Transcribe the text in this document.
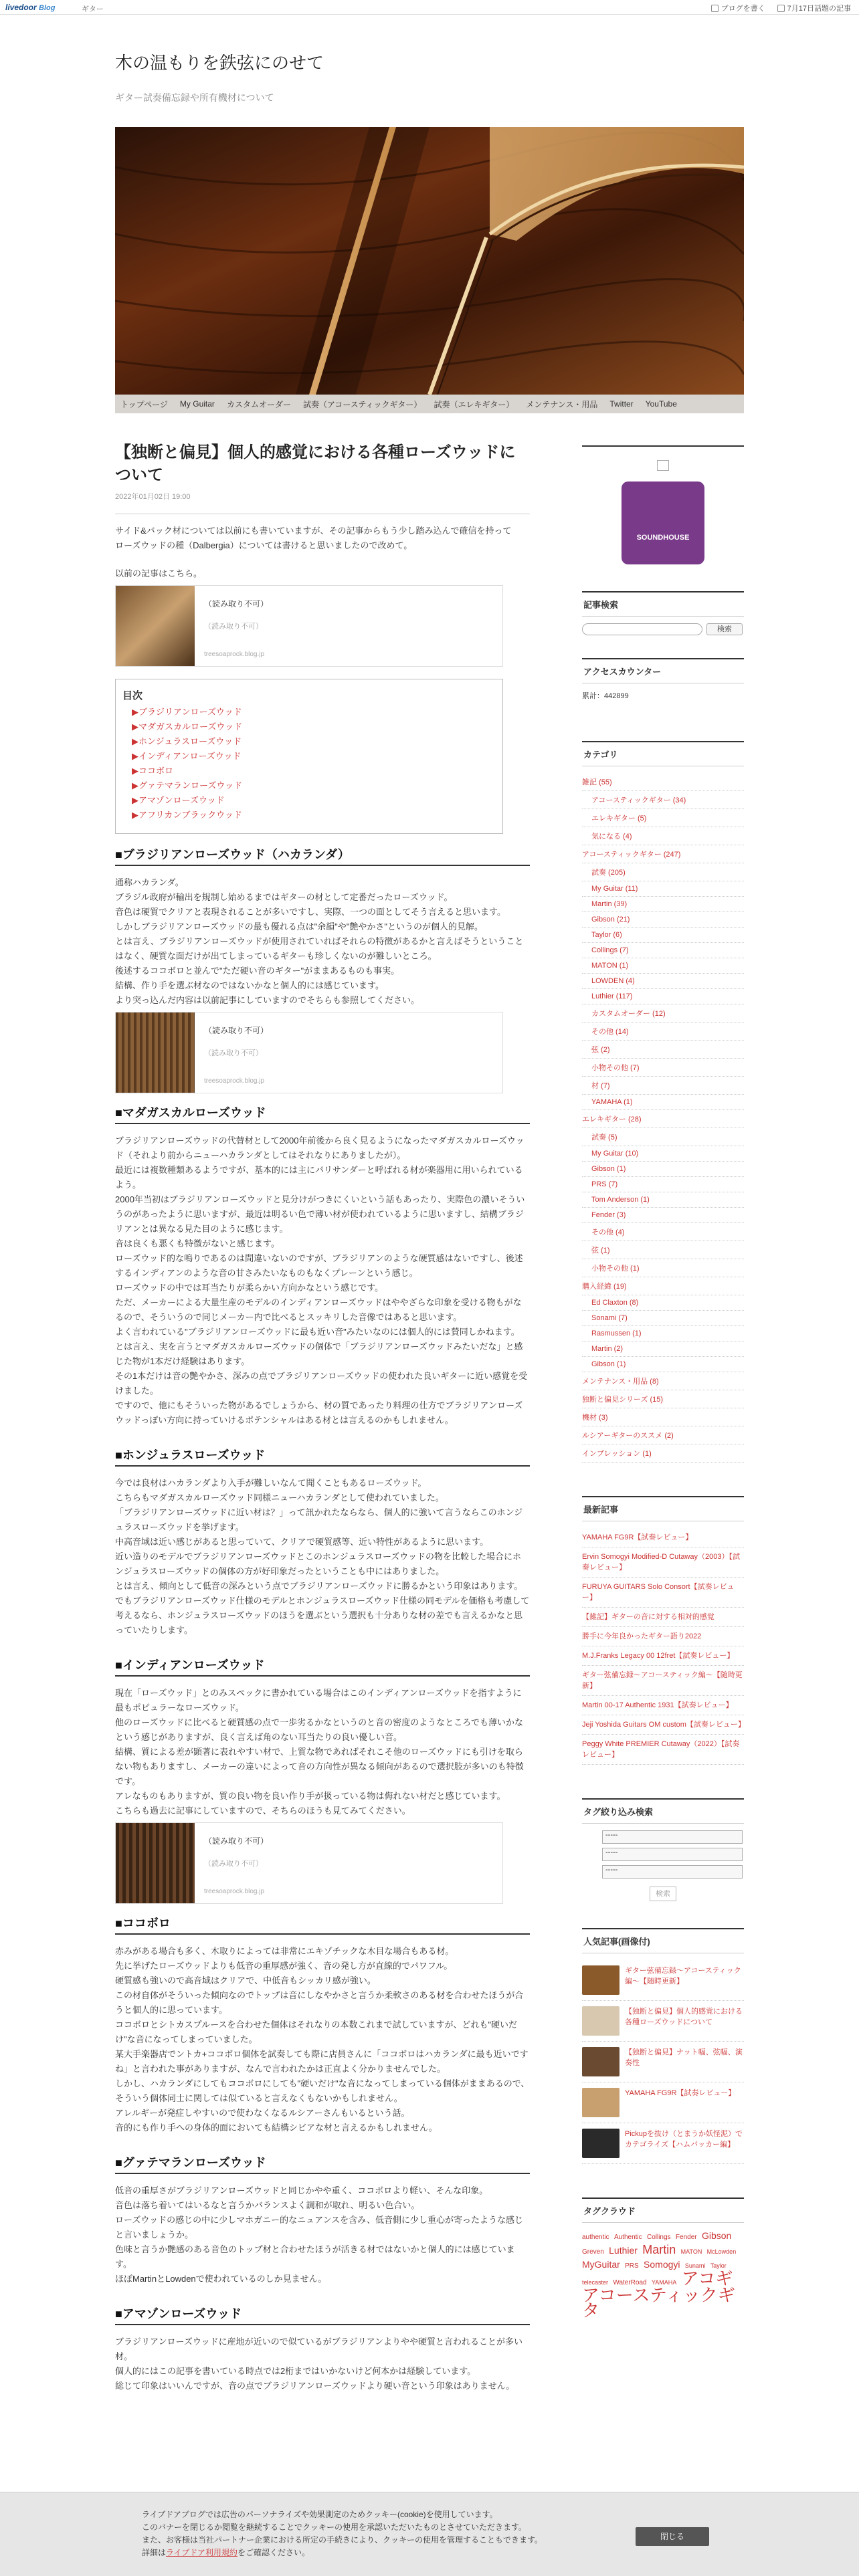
livedoor Blog	ギター	ブログを書く	7月17日話題の記事
木の温もりを鉄弦にのせて
ギター試奏備忘録や所有機材について
トップページ My Guitar カスタムオーダー 試奏（アコースティックギター） 試奏（エレキギター） メンテナンス・用品 Twitter YouTube
【独断と偏見】個人的感覚における各種ローズウッドについて
2022年01月02日 19:00
サイド&バック材については以前にも書いていますが、その記事からもう少し踏み込んで確信を持って
ローズウッドの種（Dalbergia）については書けると思いましたので改めて。
以前の記事はこちら。
（読み取り不可）
（読み取り不可）
treesoaprock.blog.jp
目次
▶ブラジリアンローズウッド
▶マダガスカルローズウッド
▶ホンジュラスローズウッド
▶インディアンローズウッド
▶ココボロ
▶グァテマランローズウッド
▶アマゾンローズウッド
▶アフリカンブラックウッド
■ブラジリアンローズウッド（ハカランダ）
通称ハカランダ。
ブラジル政府が輸出を規制し始めるまではギターの材として定番だったローズウッド。
音色は硬質でクリアと表現されることが多いですし、実際、一つの面としてそう言えると思います。
しかしブラジリアンローズウッドの最も優れる点は"余韻"や"艶やかさ"というのが個人的見解。
とは言え、ブラジリアンローズウッドが使用されていればそれらの特徴があるかと言えばそうということはなく、硬質な面だけが出てしまっているギターも珍しくないのが難しいところ。
後述するココボロと並んで"ただ硬い音のギター"がままあるものも事実。
結構、作り手を選ぶ材なのではないかなと個人的には感じています。
より突っ込んだ内容は以前記事にしていますのでそちらも参照してください。
（読み取り不可）
（読み取り不可）
treesoaprock.blog.jp
■マダガスカルローズウッド
ブラジリアンローズウッドの代替材として2000年前後から良く見るようになったマダガスカルローズウッド（それより前からニューハカランダとしてはそれなりにありましたが）。
最近には複数種類あるようですが、基本的には主にパリサンダーと呼ばれる材が楽器用に用いられているよう。
2000年当初はブラジリアンローズウッドと見分けがつきにくいという話もあったり、実際色の濃いそういうのがあったように思いますが、最近は明るい色で薄い材が使われているように思いますし、結構ブラジリアンとは異なる見た目のように感じます。
音は良くも悪くも特徴がないと感じます。
ローズウッド的な鳴りであるのは間違いないのですが、ブラジリアンのような硬質感はないですし、後述するインディアンのような音の甘さみたいなものもなくプレーンという感じ。
ローズウッドの中では耳当たりが柔らかい方向かなという感じです。
ただ、メーカーによる大量生産のモデルのインディアンローズウッドはややざらな印象を受ける物もがなるので、そういうので同じメーカー内で比べるとスッキリした音像ではあると思います。
よく言われている"ブラジリアンローズウッドに最も近い音"みたいなのには個人的には賛同しかねます。
とは言え、実を言うとマダガスカルローズウッドの個体で「ブラジリアンローズウッドみたいだな」と感じた物が1本だけ経験はあります。
その1本だけは音の艶やかさ、深みの点でブラジリアンローズウッドの使われた良いギターに近い感覚を受けました。
ですので、他にもそういった物があるでしょうから、材の質であったり料理の仕方でブラジリアンローズウッドっぽい方向に持っていけるポテンシャルはある材とは言えるのかもしれません。
■ホンジュラスローズウッド
今では良材はハカランダより入手が難しいなんて聞くこともあるローズウッド。
こちらもマダガスカルローズウッド同様ニューハカランダとして使われていました。
「ブラジリアンローズウッドに近い材は？」って訊かれたならなら、個人的に強いて言うならこのホンジュラスローズウッドを挙げます。
中高音域は近い感じがあると思っていて、クリアで硬質感等、近い特性があるように思います。
近い造りのモデルでブラジリアンローズウッドとこのホンジュラスローズウッドの物を比較した場合にホンジュラスローズウッドの個体の方が好印象だったということも中にはありました。
とは言え、傾向として低音の深みという点でブラジリアンローズウッドに勝るかという印象はあります。
でもブラジリアンローズウッド仕様のモデルとホンジュラスローズウッド仕様の同モデルを価格も考慮して考えるなら、ホンジュラスローズウッドのほうを選ぶという選択も十分ありな材の差でも言えるかなと思っていたりします。
■インディアンローズウッド
現在「ローズウッド」とのみスペックに書かれている場合はこのインディアンローズウッドを指すように最もポピュラーなローズウッド。
他のローズウッドに比べると硬質感の点で一歩劣るかなというのと音の密度のようなところでも薄いかなという感じがありますが、良く言えば角のない耳当たりの良い優しい音。
結構、質による差が顕著に表れやすい材で、上質な物であればそれこそ他のローズウッドにも引けを取らない物もありますし、メーカーの違いによって音の方向性が異なる傾向があるので選択肢が多いのも特徴です。
アレなものもありますが、質の良い物を良い作り手が扱っている物は侮れない材だと感じています。
こちらも過去に記事にしていますので、そちらのほうも見てみてください。
（読み取り不可）
（読み取り不可）
treesoaprock.blog.jp
■ココボロ
赤みがある場合も多く、木取りによっては非常にエキゾチックな木目な場合もある材。
先に挙げたローズウッドよりも低音の重厚感が強く、音の発し方が直線的でパワフル。
硬質感も強いので高音域はクリアで、中低音もシッカリ感が強い。
この材自体がそういった傾向なのでトップは音にしなやかさと言うか柔軟さのある材を合わせたほうが合うと個人的に思っています。
ココボロとシトカスプルースを合わせた個体はそれなりの本数これまで試していますが、どれも"硬いだけ"な音になってしまっていました。
某大手楽器店でントカ+ココボロ個体を試奏しても際に店員さんに「ココボロはハカランダに最も近いですね」と言われた事がありますが、なんで言われたかは正直よく分かりませんでした。
しかし、ハカランダにしてもココボロにしても"硬いだけ"な音になってしまっている個体がままあるので、そういう個体同士に関しては似ていると言えなくもないかもしれません。
アレルギーが発症しやすいので使わなくなるルシアーさんもいるという話。
音的にも作り手への身体的面においても結構シビアな材と言えるかもしれません。
■グァテマランローズウッド
低音の重厚さがブラジリアンローズウッドと同じかやや重く、ココボロより軽い、そんな印象。
音色は落ち着いてはいるなと言うかバランスよく調和が取れ、明るい色合い。
ローズウッドの感じの中に少しマホガニー的なニュアンスを含み、低音側に少し重心が寄ったような感じと言いましょうか。
色味と言うか艶感のある音色のトップ材と合わせたほうが活きる材ではないかと個人的には感じています。
ほぼMartinとLowdenで使われているのしか見ません。
■アマゾンローズウッド
ブラジリアンローズウッドに産地が近いので似ているがブラジリアンよりやや硬質と言われることが多い材。
個人的にはこの記事を書いている時点では2桁まではいかないけど何本かは経験しています。
総じて印象はいいんですが、音の点でブラジリアンローズウッドより硬い音という印象はありません。
SOUNDHOUSE
記事検索
検索
アクセスカウンター
累計：442899
カテゴリ
雑記 (55)
アコースティックギター (34)
エレキギター (5)
気になる (4)
アコースティックギター (247)
試奏 (205)
My Guitar (11)
Martin (39)
Gibson (21)
Taylor (6)
Collings (7)
MATON (1)
LOWDEN (4)
Luthier (117)
カスタムオーダー (12)
その他 (14)
弦 (2)
小物その他 (7)
材 (7)
YAMAHA (1)
エレキギター (28)
試奏 (5)
My Guitar (10)
Gibson (1)
PRS (7)
Tom Anderson (1)
Fender (3)
その他 (4)
弦 (1)
小物その他 (1)
購入経緯 (19)
Ed Claxton (8)
Sonami (7)
Rasmussen (1)
Martin (2)
Gibson (1)
メンテナンス・用品 (8)
独断と偏見シリーズ (15)
機材 (3)
ルシアーギターのススメ (2)
インプレッション (1)
最新記事
YAMAHA FG9R【試奏レビュー】
Ervin Somogyi Modified-D Cutaway（2003）【試奏レビュー】
FURUYA GUITARS Solo Consort【試奏レビュー】
【雑記】ギターの音に対する相対的感覚
勝手に今年良かったギター語り2022
M.J.Franks Legacy 00 12fret【試奏レビュー】
ギター弦備忘録〜アコースティック編〜【随時更新】
Martin 00-17 Authentic 1931【試奏レビュー】
Jeji Yoshida Guitars OM custom【試奏レビュー】
Peggy White PREMIER Cutaway（2022）【試奏レビュー】
タグ絞り込み検索
-----
-----
-----
検索
人気記事(画像付)
ギター弦備忘録〜アコースティック編〜【随時更新】
【独断と偏見】個人的感覚における各種ローズウッドについて
【独断と偏見】ナット幅、弦幅、演奏性
YAMAHA FG9R【試奏レビュー】
Pickupを抜け（とまうか妖怪泥）でカテゴライズ【ハムバッカー編】
タグクラウド
authentic Authentic Collings Fender Gibson Greven Luthier Martin MATON McLowden MyGuitar PRS Somogyi Sunami Taylor telecaster WaterRoad YAMAHA アコギ アコースティックギタ
ライブドアブログでは広告のパーソナライズや効果測定のためクッキー(cookie)を使用しています。
このバナーを閉じるか閲覧を継続することでクッキーの使用を承認いただいたものとさせていただきます。
また、お客様は当社パートナー企業における所定の手続きにより、クッキーの使用を管理することもできます。
詳細はライブドア利用規約をご確認ください。
閉じる
